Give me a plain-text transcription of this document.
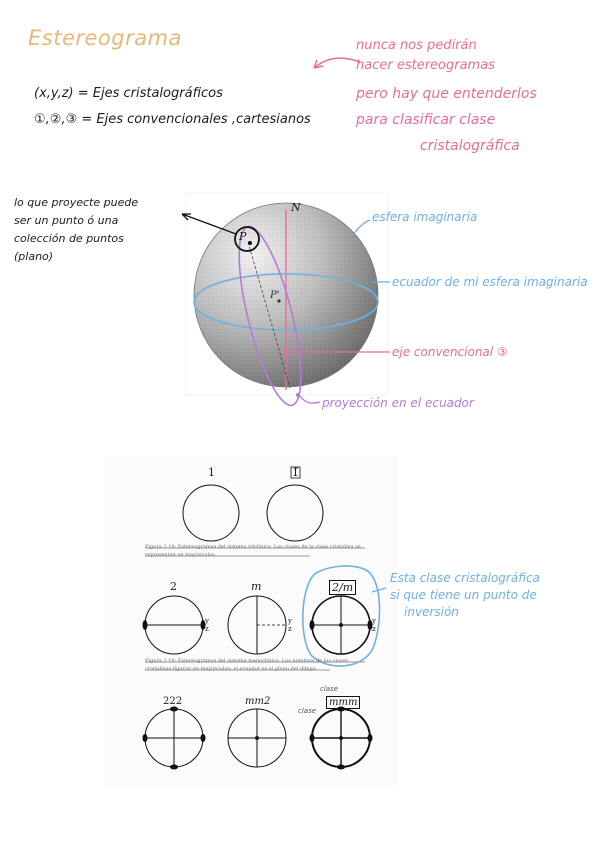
Estereograma
(x,y,z) = Ejes cristalográficos
①,②,③ = Ejes convencionales ,cartesianos
nunca nos pedirán
hacer estereogramas
pero hay que entenderlos
para clasificar clase
cristalográfica
lo que proyecte puede
ser un punto ó una
colección de puntos
(plano)
N
P
P'
esfera imaginaria
ecuador de mi esfera imaginaria
eje convencional ③
proyección en el ecuador
1	1̄
2	m	2/m
222	mm2	mmm
y
z
y
z
y
z
Figura 2.18: Estereogramas del sistema triclínico. Las clases de la clase cristalina se representan en mayúsculas.
Figura 2.19: Estereogramas del sistema monoclínico. Los nombres de las clases cristalinas figuran en mayúsculas; el ecuador es el plano del dibujo.
clase
clase
Esta clase cristalográfica
si que tiene un punto de
inversión
